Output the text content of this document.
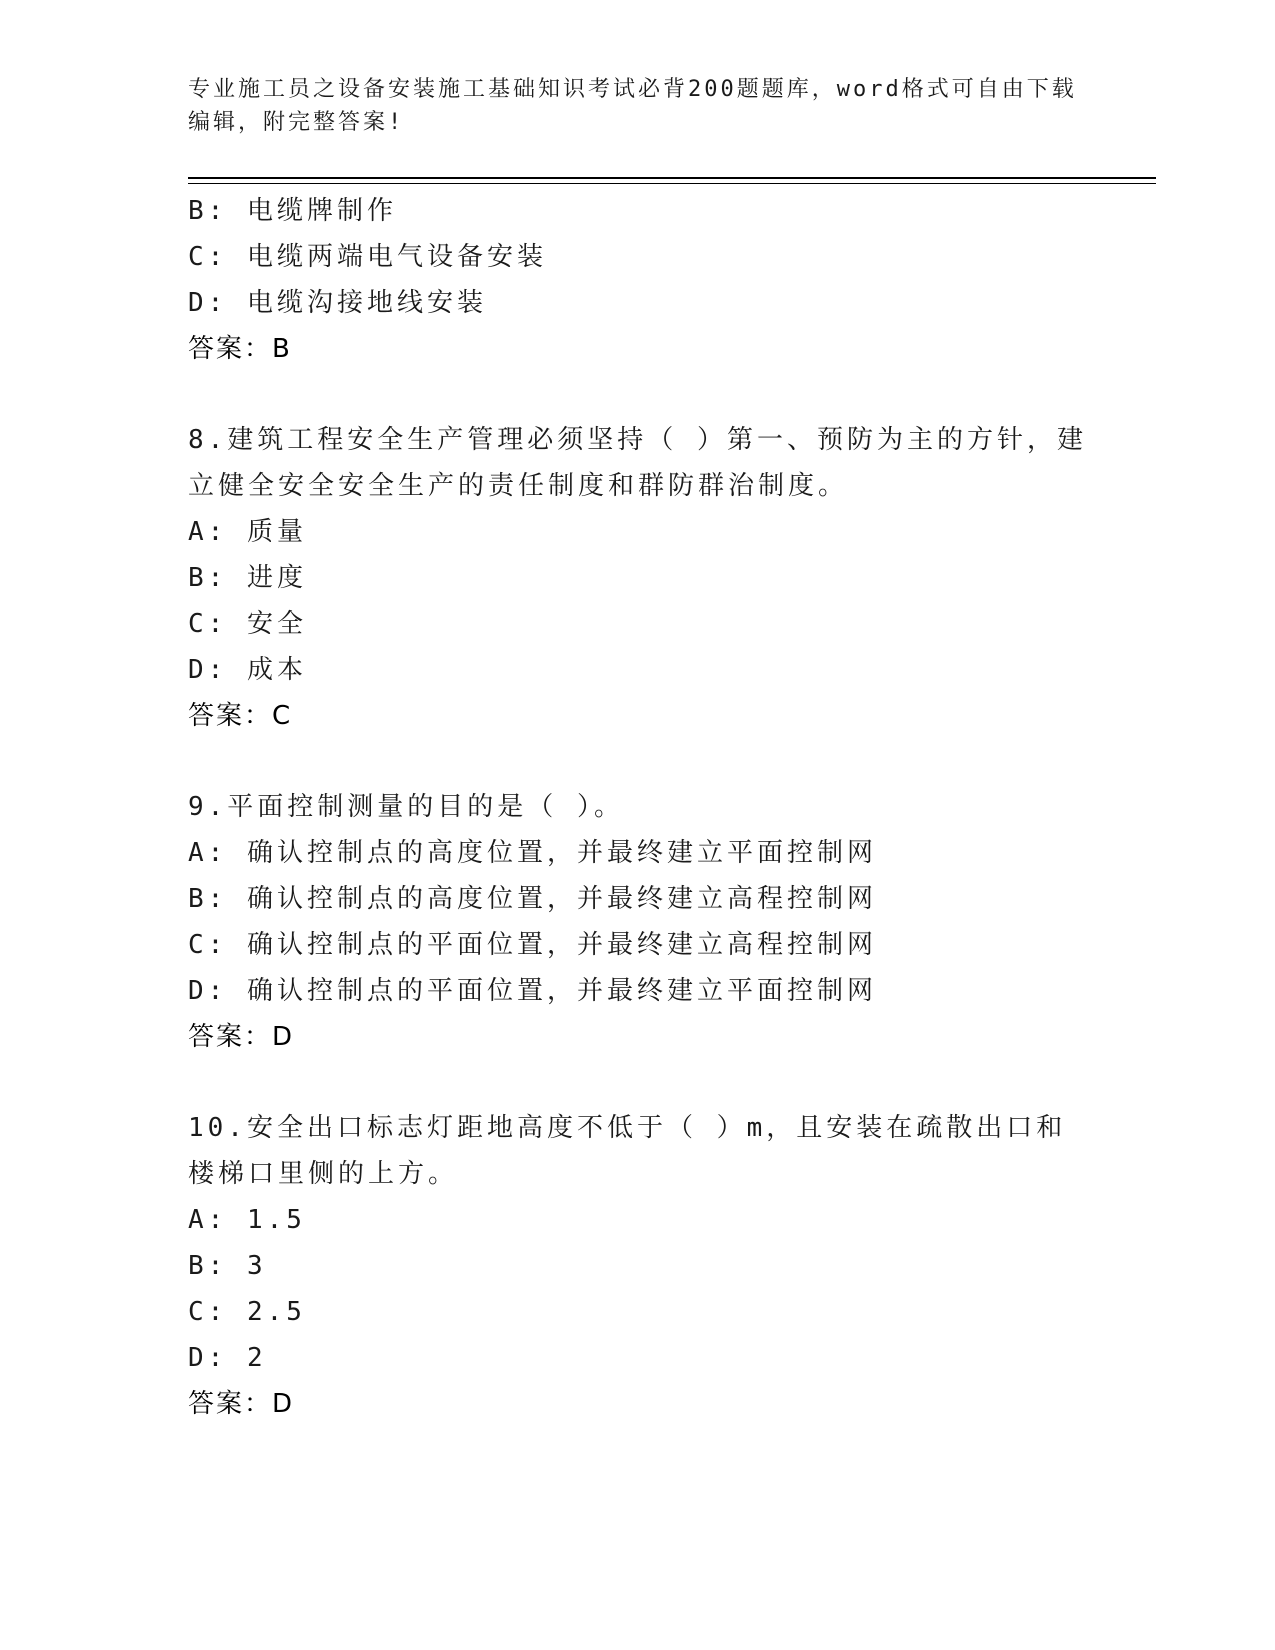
专业施工员之设备安装施工基础知识考试必背200题题库，word格式可自由下载编辑，附完整答案!
B: 电缆牌制作
C: 电缆两端电气设备安装
D: 电缆沟接地线安装
答案：B
8.建筑工程安全生产管理必须坚持（ ）第一、预防为主的方针，建立健全安全安全生产的责任制度和群防群治制度。
A: 质量
B: 进度
C: 安全
D: 成本
答案：C
9.平面控制测量的目的是（ ）。
A: 确认控制点的高度位置，并最终建立平面控制网
B: 确认控制点的高度位置，并最终建立高程控制网
C: 确认控制点的平面位置，并最终建立高程控制网
D: 确认控制点的平面位置，并最终建立平面控制网
答案：D
10.安全出口标志灯距地高度不低于（ ）m，且安装在疏散出口和楼梯口里侧的上方。
A: 1.5
B: 3
C: 2.5
D: 2
答案：D
